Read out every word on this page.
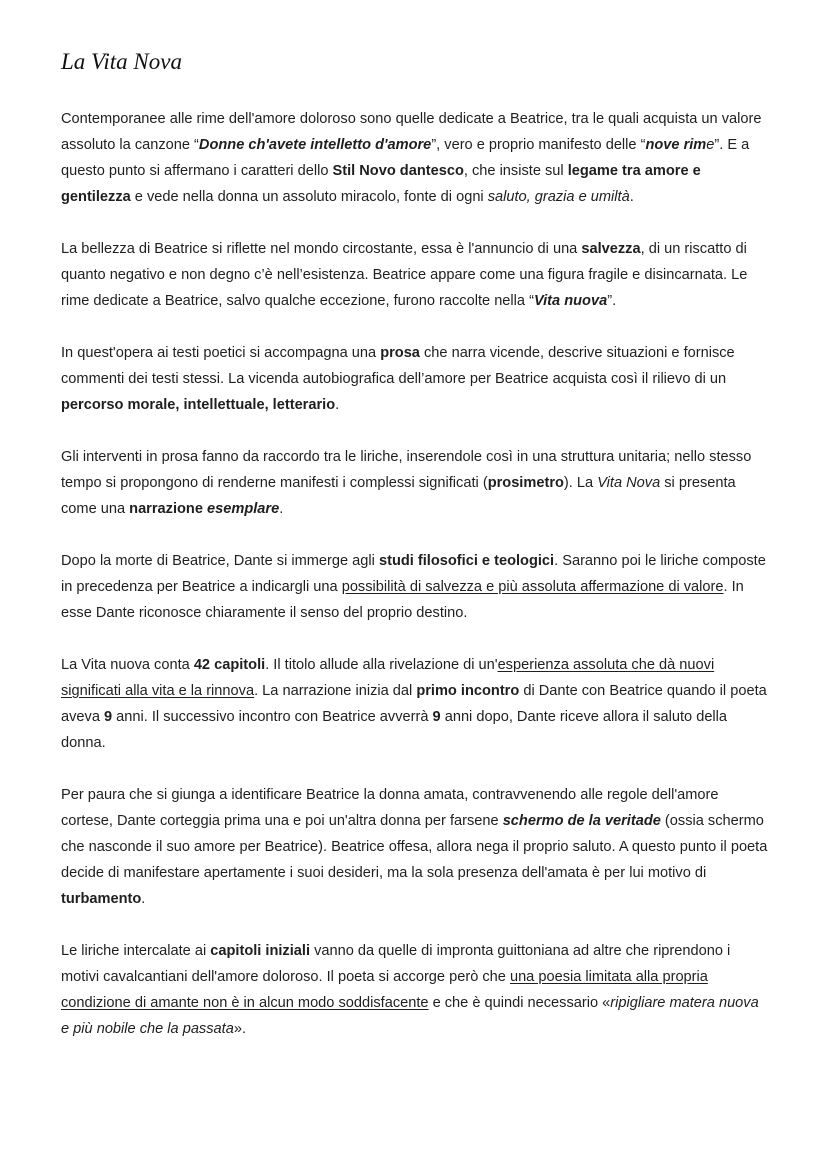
La Vita Nova

Contemporanee alle rime dell'amore doloroso sono quelle dedicate a Beatrice, tra le quali acquista un valore assoluto la canzone “Donne ch'avete intelletto d'amore”, vero e proprio manifesto delle “nove rime”. E a questo punto si affermano i caratteri dello Stil Novo dantesco, che insiste sul legame tra amore e gentilezza e vede nella donna un assoluto miracolo, fonte di ogni saluto, grazia e umiltà.

La bellezza di Beatrice si riflette nel mondo circostante, essa è l'annuncio di una salvezza, di un riscatto di quanto negativo e non degno c’è nell’esistenza. Beatrice appare come una figura fragile e disincarnata. Le rime dedicate a Beatrice, salvo qualche eccezione, furono raccolte nella “Vita nuova”.

In quest'opera ai testi poetici si accompagna una prosa che narra vicende, descrive situazioni e fornisce commenti dei testi stessi. La vicenda autobiografica dell’amore per Beatrice acquista così il rilievo di un percorso morale, intellettuale, letterario.

Gli interventi in prosa fanno da raccordo tra le liriche, inserendole così in una struttura unitaria; nello stesso tempo si propongono di renderne manifesti i complessi significati (prosimetro). La Vita Nova si presenta come una narrazione esemplare.

Dopo la morte di Beatrice, Dante si immerge agli studi filosofici e teologici. Saranno poi le liriche composte in precedenza per Beatrice a indicargli una possibilità di salvezza e più assoluta affermazione di valore. In esse Dante riconosce chiaramente il senso del proprio destino.

La Vita nuova conta 42 capitoli. Il titolo allude alla rivelazione di un'esperienza assoluta che dà nuovi significati alla vita e la rinnova. La narrazione inizia dal primo incontro di Dante con Beatrice quando il poeta aveva 9 anni. Il successivo incontro con Beatrice avverrà 9 anni dopo, Dante riceve allora il saluto della donna.

Per paura che si giunga a identificare Beatrice la donna amata, contravvenendo alle regole dell'amore cortese, Dante corteggia prima una e poi un'altra donna per farsene schermo de la veritade (ossia schermo che nasconde il suo amore per Beatrice). Beatrice offesa, allora nega il proprio saluto. A questo punto il poeta decide di manifestare apertamente i suoi desideri, ma la sola presenza dell'amata è per lui motivo di turbamento.

Le liriche intercalate ai capitoli iniziali vanno da quelle di impronta guittoniana ad altre che riprendono i motivi cavalcantiani dell'amore doloroso. Il poeta si accorge però che una poesia limitata alla propria condizione di amante non è in alcun modo soddisfacente e che è quindi necessario «ripigliare matera nuova e più nobile che la passata».
